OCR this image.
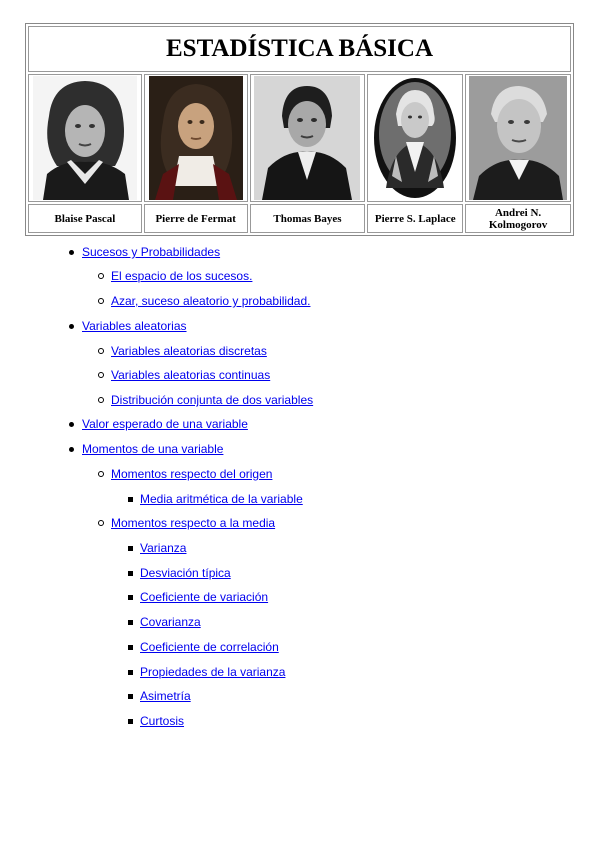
ESTADÍSTICA BÁSICA				

Blaise Pascal	Pierre de Fermat	Thomas Bayes	Pierre S. Laplace	Andrei N. Kolmogorov
Sucesos y Probabilidades
El espacio de los sucesos.
Azar, suceso aleatorio y probabilidad.
Variables aleatorias
Variables aleatorias discretas
Variables aleatorias continuas
Distribución conjunta de dos variables
Valor esperado de una variable
Momentos de una variable
Momentos respecto del origen
Media aritmética de la variable
Momentos respecto a la media
Varianza
Desviación típica
Coeficiente de variación
Covarianza
Coeficiente de correlación
Propiedades de la varianza
Asimetría
Curtosis
